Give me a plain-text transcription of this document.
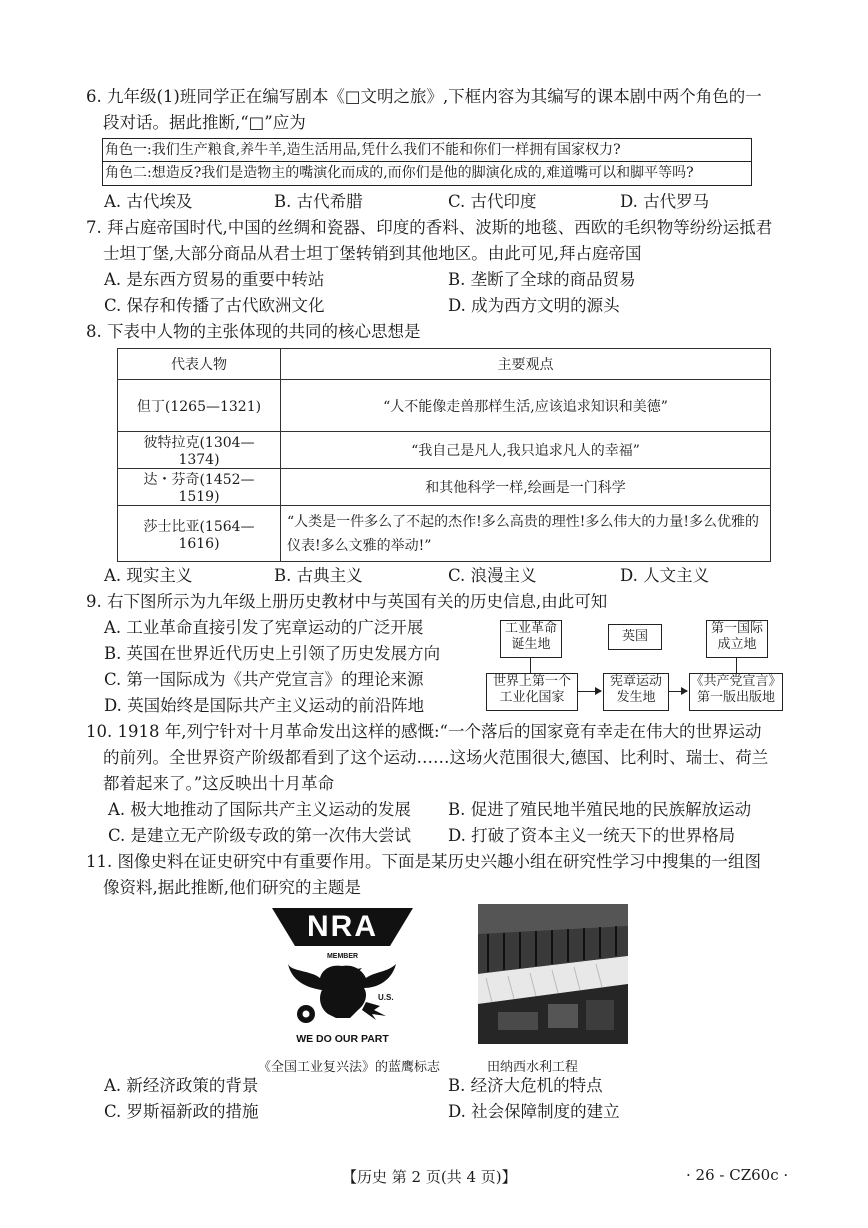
6. 九年级(1)班同学正在编写剧本《□文明之旅》,下框内容为其编写的课本剧中两个角色的一
段对话。据此推断,“□”应为
角色一:我们生产粮食,养牛羊,造生活用品,凭什么我们不能和你们一样拥有国家权力?
角色二:想造反?我们是造物主的嘴演化而成的,而你们是他的脚演化成的,难道嘴可以和脚平等吗?
A. 古代埃及	B. 古代希腊	C. 古代印度	D. 古代罗马
7. 拜占庭帝国时代,中国的丝绸和瓷器、印度的香料、波斯的地毯、西欧的毛织物等纷纷运抵君
士坦丁堡,大部分商品从君士坦丁堡转销到其他地区。由此可见,拜占庭帝国
A. 是东西方贸易的重要中转站	B. 垄断了全球的商品贸易
C. 保存和传播了古代欧洲文化	D. 成为西方文明的源头
8. 下表中人物的主张体现的共同的核心思想是
代表人物	主要观点
但丁(1265—1321)	“人不能像走兽那样生活,应该追求知识和美德”
彼特拉克(1304—1374)	“我自己是凡人,我只追求凡人的幸福”
达・芬奇(1452—1519)	和其他科学一样,绘画是一门科学
莎士比亚(1564—1616)	“人类是一件多么了不起的杰作!多么高贵的理性!多么伟大的力量!多么优雅的仪表!多么文雅的举动!”
A. 现实主义	B. 古典主义	C. 浪漫主义	D. 人文主义
9. 右下图所示为九年级上册历史教材中与英国有关的历史信息,由此可知
A. 工业革命直接引发了宪章运动的广泛开展
B. 英国在世界近代历史上引领了历史发展方向
C. 第一国际成为《共产党宣言》的理论来源
D. 英国始终是国际共产主义运动的前沿阵地
工业革命
诞生地
英国
第一国际
成立地
世界上第一个
工业化国家
宪章运动
发生地
《共产党宣言》
第一版出版地
10. 1918 年,列宁针对十月革命发出这样的感慨:“一个落后的国家竟有幸走在伟大的世界运动
的前列。全世界资产阶级都看到了这个运动……这场火范围很大,德国、比利时、瑞士、荷兰
都着起来了。”这反映出十月革命
A. 极大地推动了国际共产主义运动的发展 B. 促进了殖民地半殖民地的民族解放运动
C. 是建立无产阶级专政的第一次伟大尝试 D. 打破了资本主义一统天下的世界格局
11. 图像史料在证史研究中有重要作用。下面是某历史兴趣小组在研究性学习中搜集的一组图
像资料,据此推断,他们研究的主题是
NRA
MEMBER
U.S.
WE DO OUR PART
《全国工业复兴法》的蓝鹰标志	田纳西水利工程
A. 新经济政策的背景	B. 经济大危机的特点
C. 罗斯福新政的措施	D. 社会保障制度的建立
【历史 第 2 页(共 4 页)】	· 26 - CZ60c ·
